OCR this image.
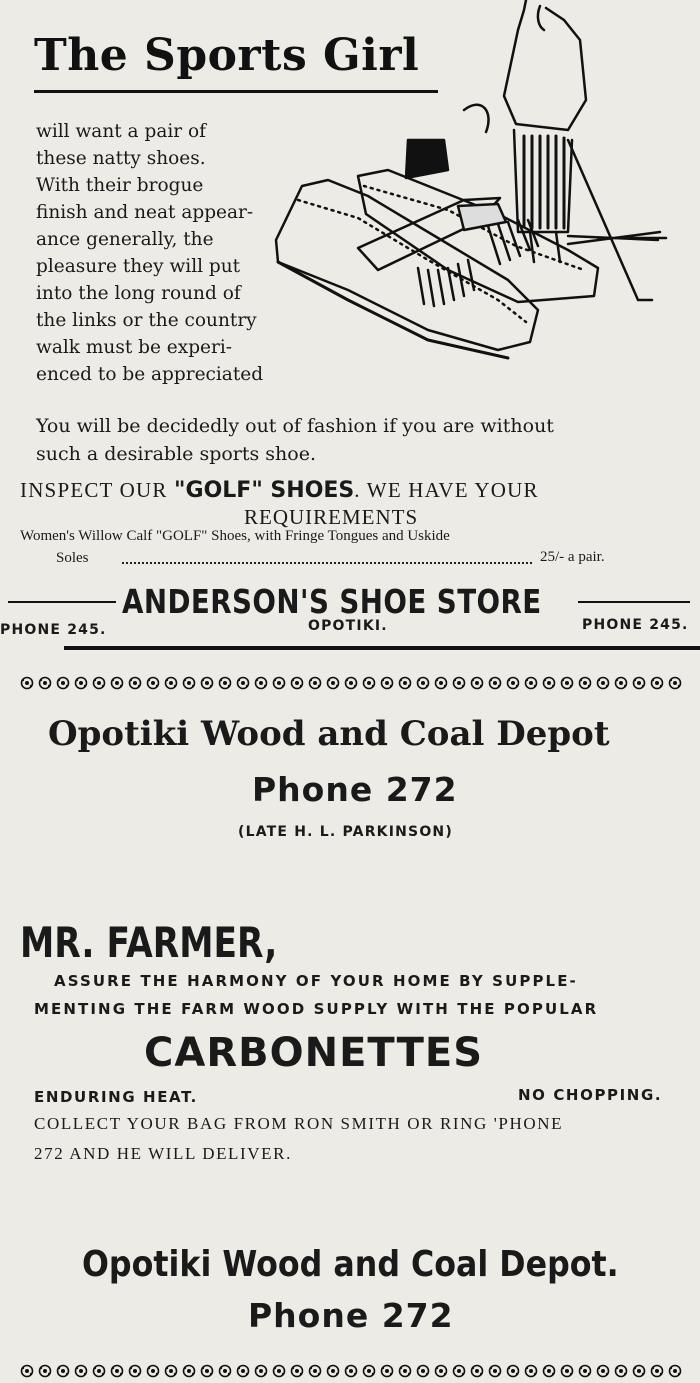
The Sports Girl
will want a pair of
these natty shoes.
With their brogue
finish and neat appear-
ance generally, the
pleasure they will put
into the long round of
the links or the country
walk must be experi-
enced to be appreciated
You will be decidedly out of fashion if you are without
such a desirable sports shoe.
INSPECT OUR "GOLF" SHOES. WE HAVE YOUR
REQUIREMENTS
Women's Willow Calf "GOLF" Shoes, with Fringe Tongues and Uskide
Soles	25/- a pair.
ANDERSON'S SHOE STORE
PHONE 245.	OPOTIKI.	PHONE 245.
Opotiki Wood and Coal Depot
Phone 272
(LATE H. L. PARKINSON)
MR. FARMER,
ASSURE THE HARMONY OF YOUR HOME BY SUPPLE-
MENTING THE FARM WOOD SUPPLY WITH THE POPULAR
CARBONETTES
ENDURING HEAT.	NO CHOPPING.
COLLECT YOUR BAG FROM RON SMITH OR RING 'PHONE
272 AND HE WILL DELIVER.
Opotiki Wood and Coal Depot.
Phone 272
